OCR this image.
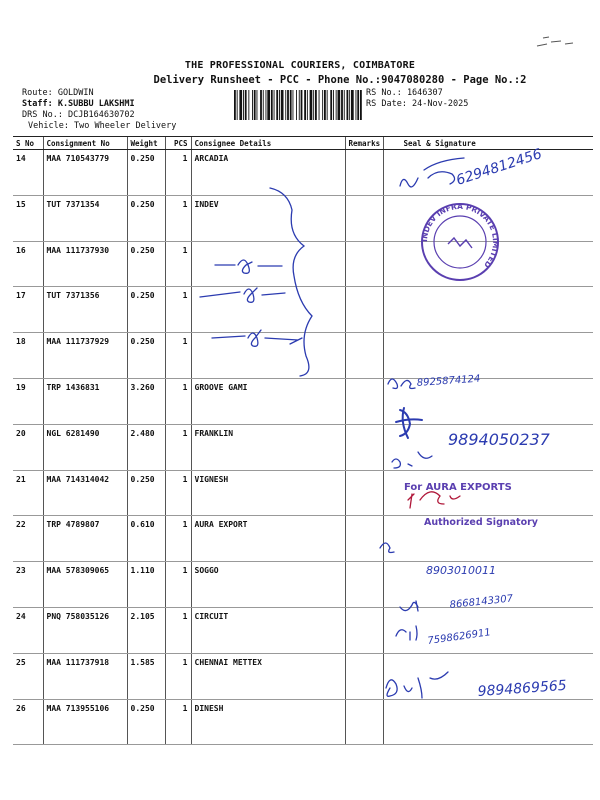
THE PROFESSIONAL COURIERS, COIMBATORE
Delivery Runsheet - PCC - Phone No.:9047080280 - Page No.:2
Route: GOLDWIN
Staff: K.SUBBU LAKSHMI
DRS No.: DCJB164630702
Vehicle: Two Wheeler Delivery
RS No.: 1646307
RS Date: 24-Nov-2025
S No	Consignment No	Weight	PCS	Consignee Details	Remarks	Seal & Signature
14	MAA 710543779	0.250	1	ARCADIA		
15	TUT 7371354	0.250	1	INDEV		
16	MAA 111737930	0.250	1			
17	TUT 7371356	0.250	1			
18	MAA 111737929	0.250	1			
19	TRP 1436831	3.260	1	GROOVE GAMI		
20	NGL 6281490	2.480	1	FRANKLIN		
21	MAA 714314042	0.250	1	VIGNESH		
22	TRP 4789807	0.610	1	AURA EXPORT		
23	MAA 578309065	1.110	1	SOGGO		
24	PNQ 758035126	2.105	1	CIRCUIT		
25	MAA 111737918	1.585	1	CHENNAI METTEX		
26	MAA 713955106	0.250	1	DINESH		
6294812456
8925874124
9894050237
8903010011
8668143307
7598626911
9894869565
INDEV INFRA PRIVATE LIMITED
For AURA EXPORTS
Authorized Signatory
